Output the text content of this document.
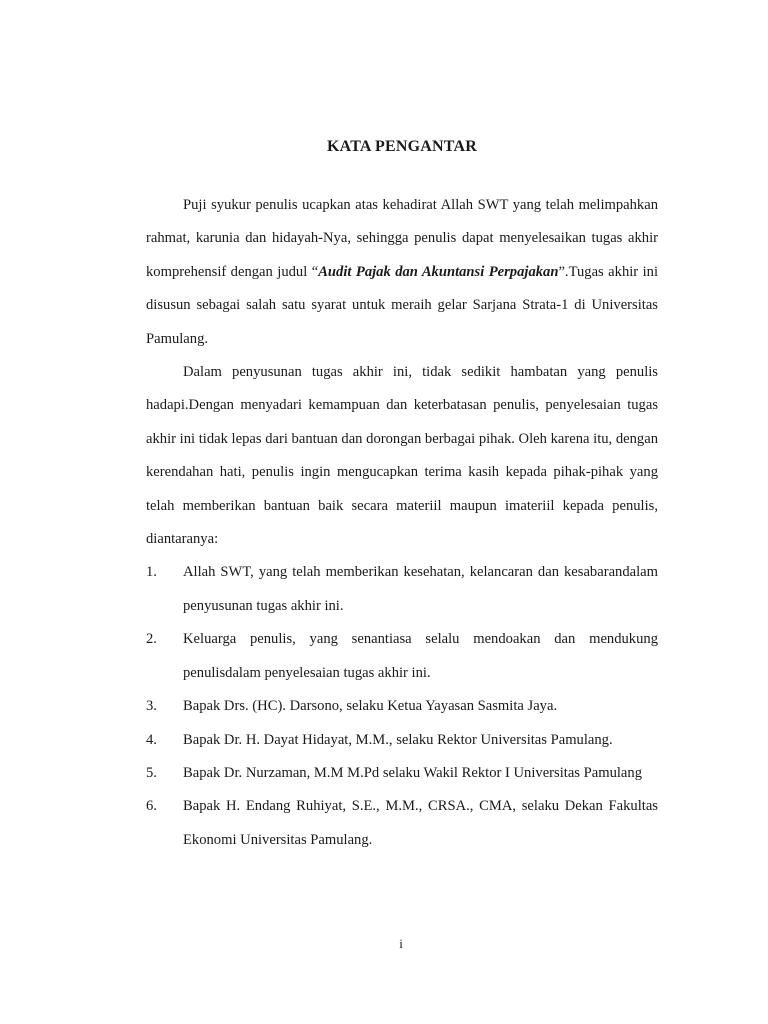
KATA PENGANTAR

Puji syukur penulis ucapkan atas kehadirat Allah SWT yang telah melimpahkan rahmat, karunia dan hidayah-Nya, sehingga penulis dapat menyelesaikan tugas akhir komprehensif dengan judul “Audit Pajak dan Akuntansi Perpajakan”.Tugas akhir ini disusun sebagai salah satu syarat untuk meraih gelar Sarjana Strata-1 di Universitas Pamulang.

Dalam penyusunan tugas akhir ini, tidak sedikit hambatan yang penulis hadapi.Dengan menyadari kemampuan dan keterbatasan penulis, penyelesaian tugas akhir ini tidak lepas dari bantuan dan dorongan berbagai pihak. Oleh karena itu, dengan kerendahan hati, penulis ingin mengucapkan terima kasih kepada pihak-pihak yang telah memberikan bantuan baik secara materiil maupun imateriil kepada penulis, diantaranya:

1. Allah SWT, yang telah memberikan kesehatan, kelancaran dan kesabarandalam penyusunan tugas akhir ini.
2. Keluarga penulis, yang senantiasa selalu mendoakan dan mendukung penulisdalam penyelesaian tugas akhir ini.
3. Bapak Drs. (HC). Darsono, selaku Ketua Yayasan Sasmita Jaya.
4. Bapak Dr. H. Dayat Hidayat, M.M., selaku Rektor Universitas Pamulang.
5. Bapak Dr. Nurzaman, M.M M.Pd selaku Wakil Rektor I Universitas Pamulang
6. Bapak H. Endang Ruhiyat, S.E., M.M., CRSA., CMA, selaku Dekan Fakultas Ekonomi Universitas Pamulang.
i
